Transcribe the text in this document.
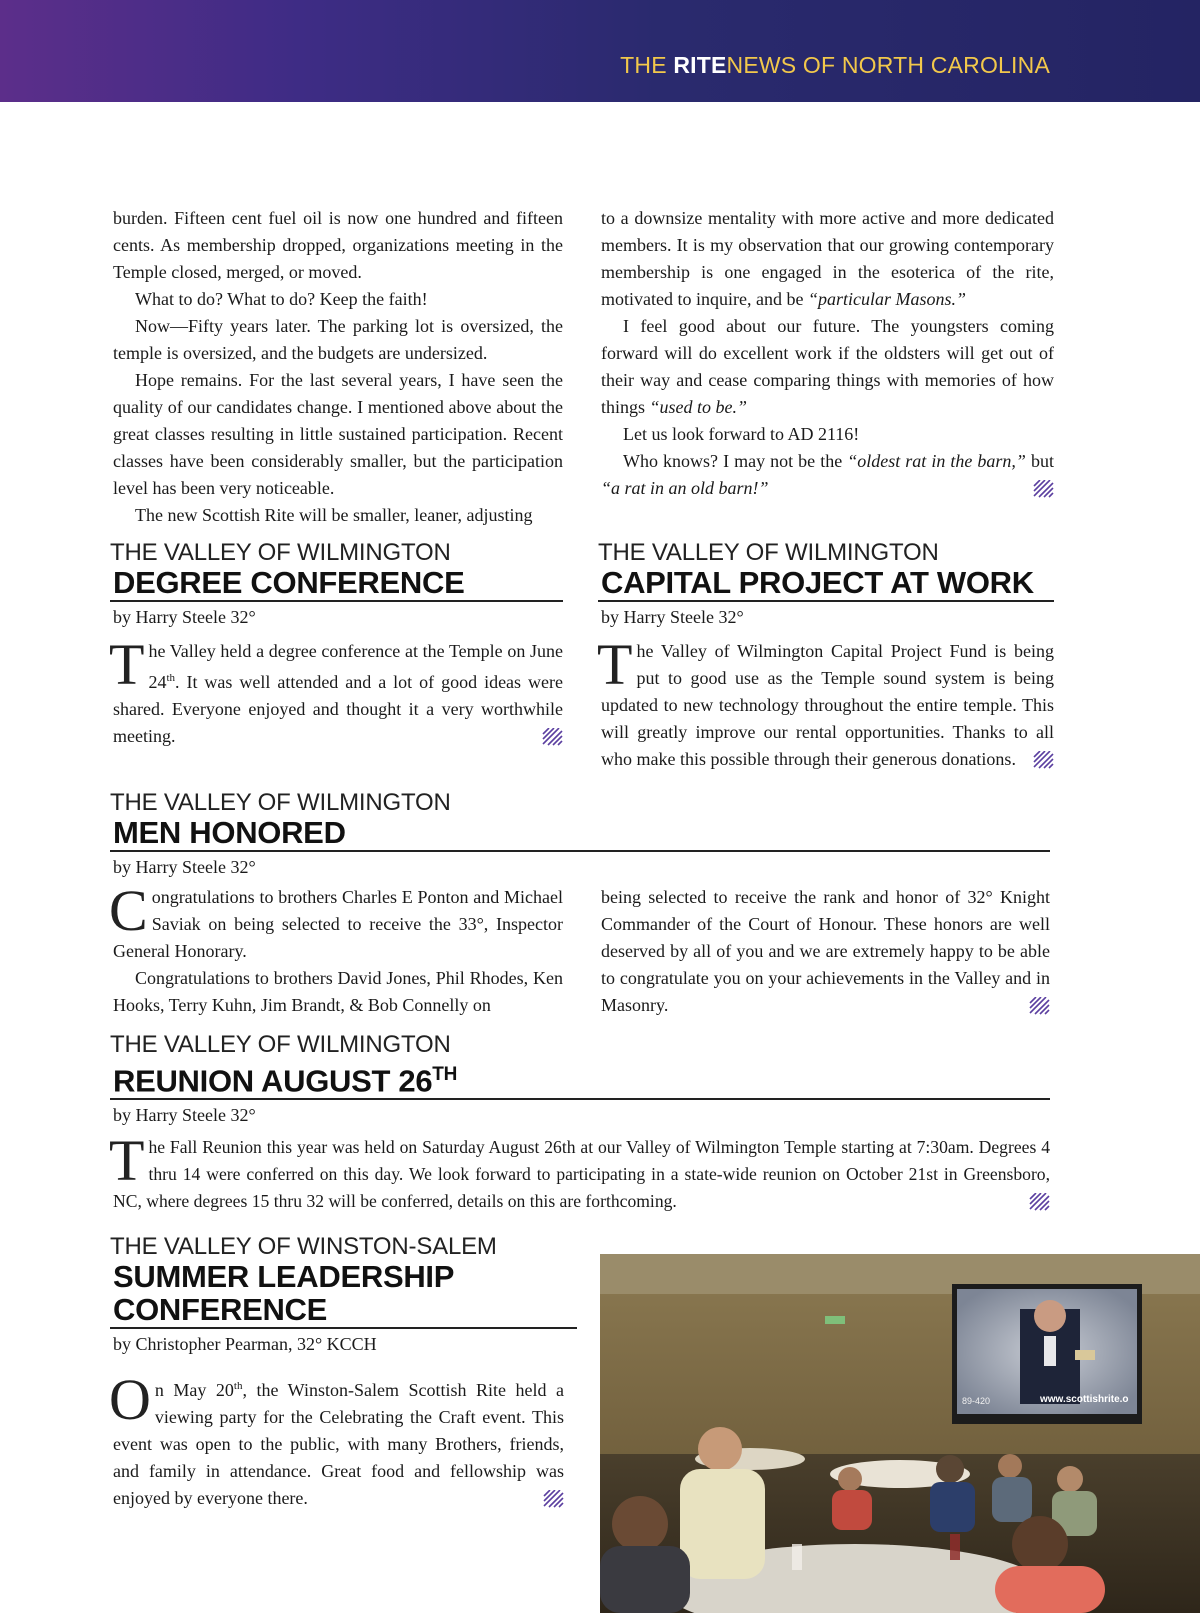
THE RITENEWS OF NORTH CAROLINA

burden. Fifteen cent fuel oil is now one hundred and fifteen cents. As membership dropped, organizations meeting in the Temple closed, merged, or moved.

What to do? What to do? Keep the faith!

Now—Fifty years later. The parking lot is oversized, the temple is oversized, and the budgets are undersized.

Hope remains. For the last several years, I have seen the quality of our candidates change. I mentioned above about the great classes resulting in little sustained participation. Recent classes have been considerably smaller, but the participation level has been very noticeable.

The new Scottish Rite will be smaller, leaner, adjusting

to a downsize mentality with more active and more dedicated members. It is my observation that our growing contemporary membership is one engaged in the esoterica of the rite, motivated to inquire, and be “particular Masons.”

I feel good about our future. The youngsters coming forward will do excellent work if the oldsters will get out of their way and cease comparing things with memories of how things “used to be.”

Let us look forward to AD 2116!

Who knows? I may not be the “oldest rat in the barn,” but “a rat in an old barn!”

THE VALLEY OF WILMINGTON
DEGREE CONFERENCE
by Harry Steele 32°
The Valley held a degree conference at the Temple on June 24th. It was well attended and a lot of good ideas were shared. Everyone enjoyed and thought it a very worthwhile meeting.
THE VALLEY OF WILMINGTON
CAPITAL PROJECT AT WORK
by Harry Steele 32°
The Valley of Wilmington Capital Project Fund is being put to good use as the Temple sound system is being updated to new technology throughout the entire temple. This will greatly improve our rental opportunities. Thanks to all who make this possible through their generous donations.
THE VALLEY OF WILMINGTON
MEN HONORED
by Harry Steele 32°

Congratulations to brothers Charles E Ponton and Michael Saviak on being selected to receive the 33°, Inspector General Honorary.

Congratulations to brothers David Jones, Phil Rhodes, Ken Hooks, Terry Kuhn, Jim Brandt, & Bob Connelly on

being selected to receive the rank and honor of 32° Knight Commander of the Court of Honour. These honors are well deserved by all of you and we are extremely happy to be able to congratulate you on your achievements in the Valley and in Masonry.

THE VALLEY OF WILMINGTON
REUNION AUGUST 26TH
by Harry Steele 32°
The Fall Reunion this year was held on Saturday August 26th at our Valley of Wilmington Temple starting at 7:30am. Degrees 4 thru 14 were conferred on this day. We look forward to participating in a state-wide reunion on October 21st in Greensboro, NC, where degrees 15 thru 32 will be conferred, details on this are forthcoming.
THE VALLEY OF WINSTON-SALEM
SUMMER LEADERSHIP
CONFERENCE
by Christopher Pearman, 32° KCCH
On May 20th, the Winston-Salem Scottish Rite held a viewing party for the Celebrating the Craft event. This event was open to the public, with many Brothers, friends, and family in attendance. Great food and fellowship was enjoyed by everyone there.
89-420	www.scottishrite.o
